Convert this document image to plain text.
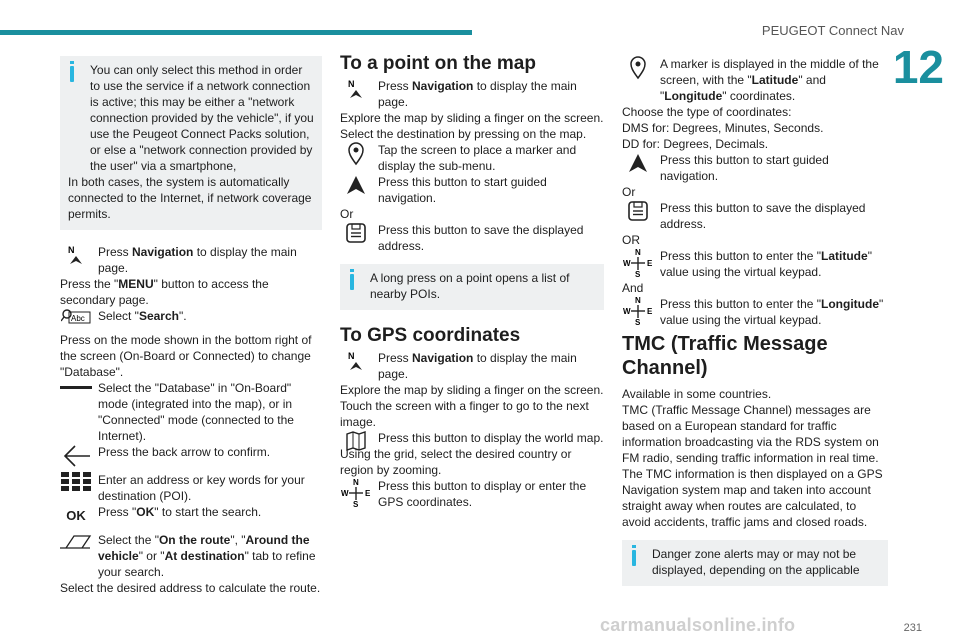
PEUGEOT Connect Nav
12
carmanualsonline.info	231
You can only select this method in order to use the service if a network connection is active; this may be either a "network connection provided by the vehicle", if you use the Peugeot Connect Packs solution, or else a "network connection provided by the user" via a smartphone,
In both cases, the system is automatically connected to the Internet, if network coverage permits.
N Press Navigation to display the main page.

Press the "MENU" button to access the secondary page.

Abc Select "Search".

Press on the mode shown in the bottom right of the screen (On-Board or Connected) to change "Database".

Select the "Database" in "On-Board" mode (integrated into the map), or in "Connected" mode (connected to the Internet).
Press the back arrow to confirm.
Enter an address or key words for your destination (POI).
OK	Press "OK" to start the search.
Select the "On the route", "Around the vehicle" or "At destination" tab to refine your search.

Select the desired address to calculate the route.

To a point on the map
N Press Navigation to display the main page.

Explore the map by sliding a finger on the screen.

Select the destination by pressing on the map.

Tap the screen to place a marker and display the sub-menu.
Press this button to start guided navigation.

Or

Press this button to save the displayed address.
A long press on a point opens a list of nearby POIs.
To GPS coordinates
N Press Navigation to display the main page.

Explore the map by sliding a finger on the screen.

Touch the screen with a finger to go to the next image.

Press this button to display the world map.

Using the grid, select the desired country or region by zooming.

N
S
W E
Press this button to display or enter the GPS coordinates.
A marker is displayed in the middle of the screen, with the "Latitude" and "Longitude" coordinates.

Choose the type of coordinates:

DMS for: Degrees, Minutes, Seconds.

DD for: Degrees, Decimals.

Press this button to start guided navigation.

Or

Press this button to save the displayed address.

OR

N
S
W E
Press this button to enter the "Latitude" value using the virtual keypad.

And

N
S
W E
Press this button to enter the "Longitude" value using the virtual keypad.
TMC (Traffic Message Channel)

Available in some countries.

TMC (Traffic Message Channel) messages are based on a European standard for traffic information broadcasting via the RDS system on FM radio, sending traffic information in real time. The TMC information is then displayed on a GPS Navigation system map and taken into account straight away when routes are calculated, to avoid accidents, traffic jams and closed roads.

Danger zone alerts may or may not be displayed, depending on the applicable
